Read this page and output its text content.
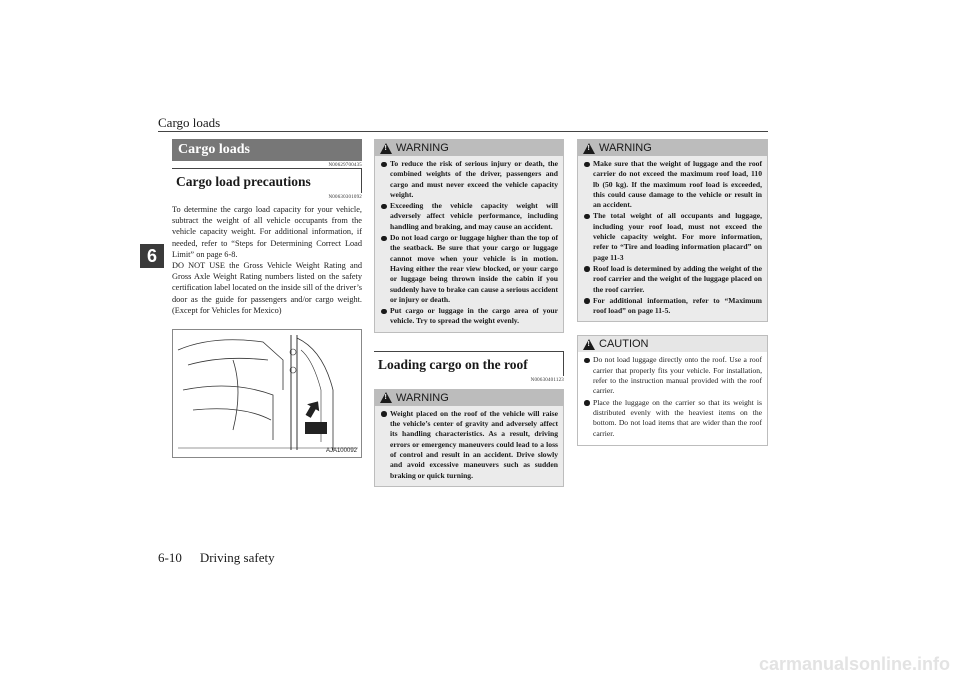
Cargo loads
6
Cargo loads
N00629700435
Cargo load precautions
N00630301092

To determine the cargo load capacity for your vehicle, subtract the weight of all vehicle occupants from the vehicle capacity weight. For additional information, if needed, refer to “Steps for Determining Correct Load Limit” on page 6-8.

DO NOT USE the Gross Vehicle Weight Rating and Gross Axle Weight Rating numbers listed on the safety certification label located on the inside sill of the driver’s door as the guide for passengers and/or cargo weight. (Except for Vehicles for Mexico)

AJA100092
!
WARNING
To reduce the risk of serious injury or death, the combined weights of the driver, passengers and cargo and must never exceed the vehicle capacity weight.
Exceeding the vehicle capacity weight will adversely affect vehicle performance, including handling and braking, and may cause an accident.
Do not load cargo or luggage higher than the top of the seatback. Be sure that your cargo or luggage cannot move when your vehicle is in motion. Having either the rear view blocked, or your cargo or luggage being thrown inside the cabin if you suddenly have to brake can cause a serious accident or injury or death.
Put cargo or luggage in the cargo area of your vehicle. Try to spread the weight evenly.
Loading cargo on the roof
N00630401123
!
WARNING
Weight placed on the roof of the vehicle will raise the vehicle’s center of gravity and adversely affect its handling characteristics. As a result, driving errors or emergency maneuvers could lead to a loss of control and result in an accident. Drive slowly and avoid excessive maneuvers such as sudden braking or quick turning.
!
WARNING
Make sure that the weight of luggage and the roof carrier do not exceed the maximum roof load, 110 lb (50 kg). If the maximum roof load is exceeded, this could cause damage to the vehicle or result in an accident.
The total weight of all occupants and luggage, including your roof load, must not exceed the vehicle capacity weight. For more information, refer to “Tire and loading information placard” on page 11-3
Roof load is determined by adding the weight of the roof carrier and the weight of the luggage placed on the roof carrier.
For additional information, refer to “Maximum roof load” on page 11-5.
!
CAUTION
Do not load luggage directly onto the roof. Use a roof carrier that properly fits your vehicle. For installation, refer to the instruction manual provided with the roof carrier.
Place the luggage on the carrier so that its weight is distributed evenly with the heaviest items on the bottom. Do not load items that are wider than the roof carrier.
6-10 Driving safety
carmanualsonline.info
